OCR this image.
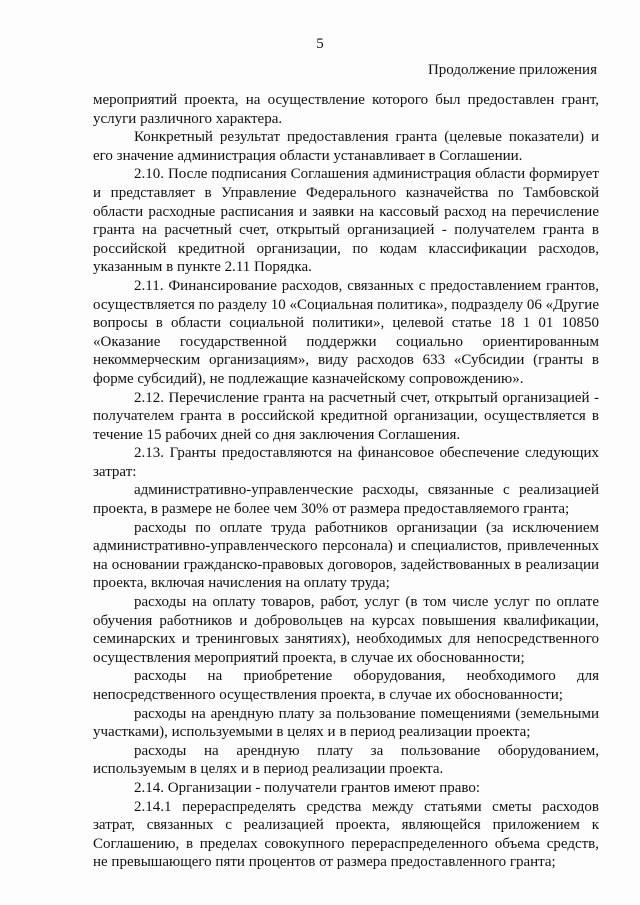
5
Продолжение приложения

мероприятий проекта, на осуществление которого был предоставлен грант, услуги различного характера.

Конкретный результат предоставления гранта (целевые показатели) и его значение администрация области устанавливает в Соглашении.

2.10. После подписания Соглашения администрация области формирует и представляет в Управление Федерального казначейства по Тамбовской области расходные расписания и заявки на кассовый расход на перечисление гранта на расчетный счет, открытый организацией - получателем гранта в российской кредитной организации, по кодам классификации расходов, указанным в пункте 2.11 Порядка.

2.11. Финансирование расходов, связанных с предоставлением грантов, осуществляется по разделу 10 «Социальная политика», подразделу 06 «Другие вопросы в области социальной политики», целевой статье 18 1 01 10850 «Оказание государственной поддержки социально ориентированным некоммерческим организациям», виду расходов 633 «Субсидии (гранты в форме субсидий), не подлежащие казначейскому сопровождению».

2.12. Перечисление гранта на расчетный счет, открытый организацией - получателем гранта в российской кредитной организации, осуществляется в течение 15 рабочих дней со дня заключения Соглашения.

2.13. Гранты предоставляются на финансовое обеспечение следующих затрат:

административно-управленческие расходы, связанные с реализацией проекта, в размере не более чем 30% от размера предоставляемого гранта;

расходы по оплате труда работников организации (за исключением административно-управленческого персонала) и специалистов, привлеченных на основании гражданско-правовых договоров, задействованных в реализации проекта, включая начисления на оплату труда;

расходы на оплату товаров, работ, услуг (в том числе услуг по оплате обучения работников и добровольцев на курсах повышения квалификации, семинарских и тренинговых занятиях), необходимых для непосредственного осуществления мероприятий проекта, в случае их обоснованности;

расходы на приобретение оборудования, необходимого для непосредственного осуществления проекта, в случае их обоснованности;

расходы на арендную плату за пользование помещениями (земельными участками), используемыми в целях и в период реализации проекта;

расходы на арендную плату за пользование оборудованием, используемым в целях и в период реализации проекта.

2.14. Организации - получатели грантов имеют право:

2.14.1 перераспределять средства между статьями сметы расходов затрат, связанных с реализацией проекта, являющейся приложением к Соглашению, в пределах совокупного перераспределенного объема средств, не превышающего пяти процентов от размера предоставленного гранта;
